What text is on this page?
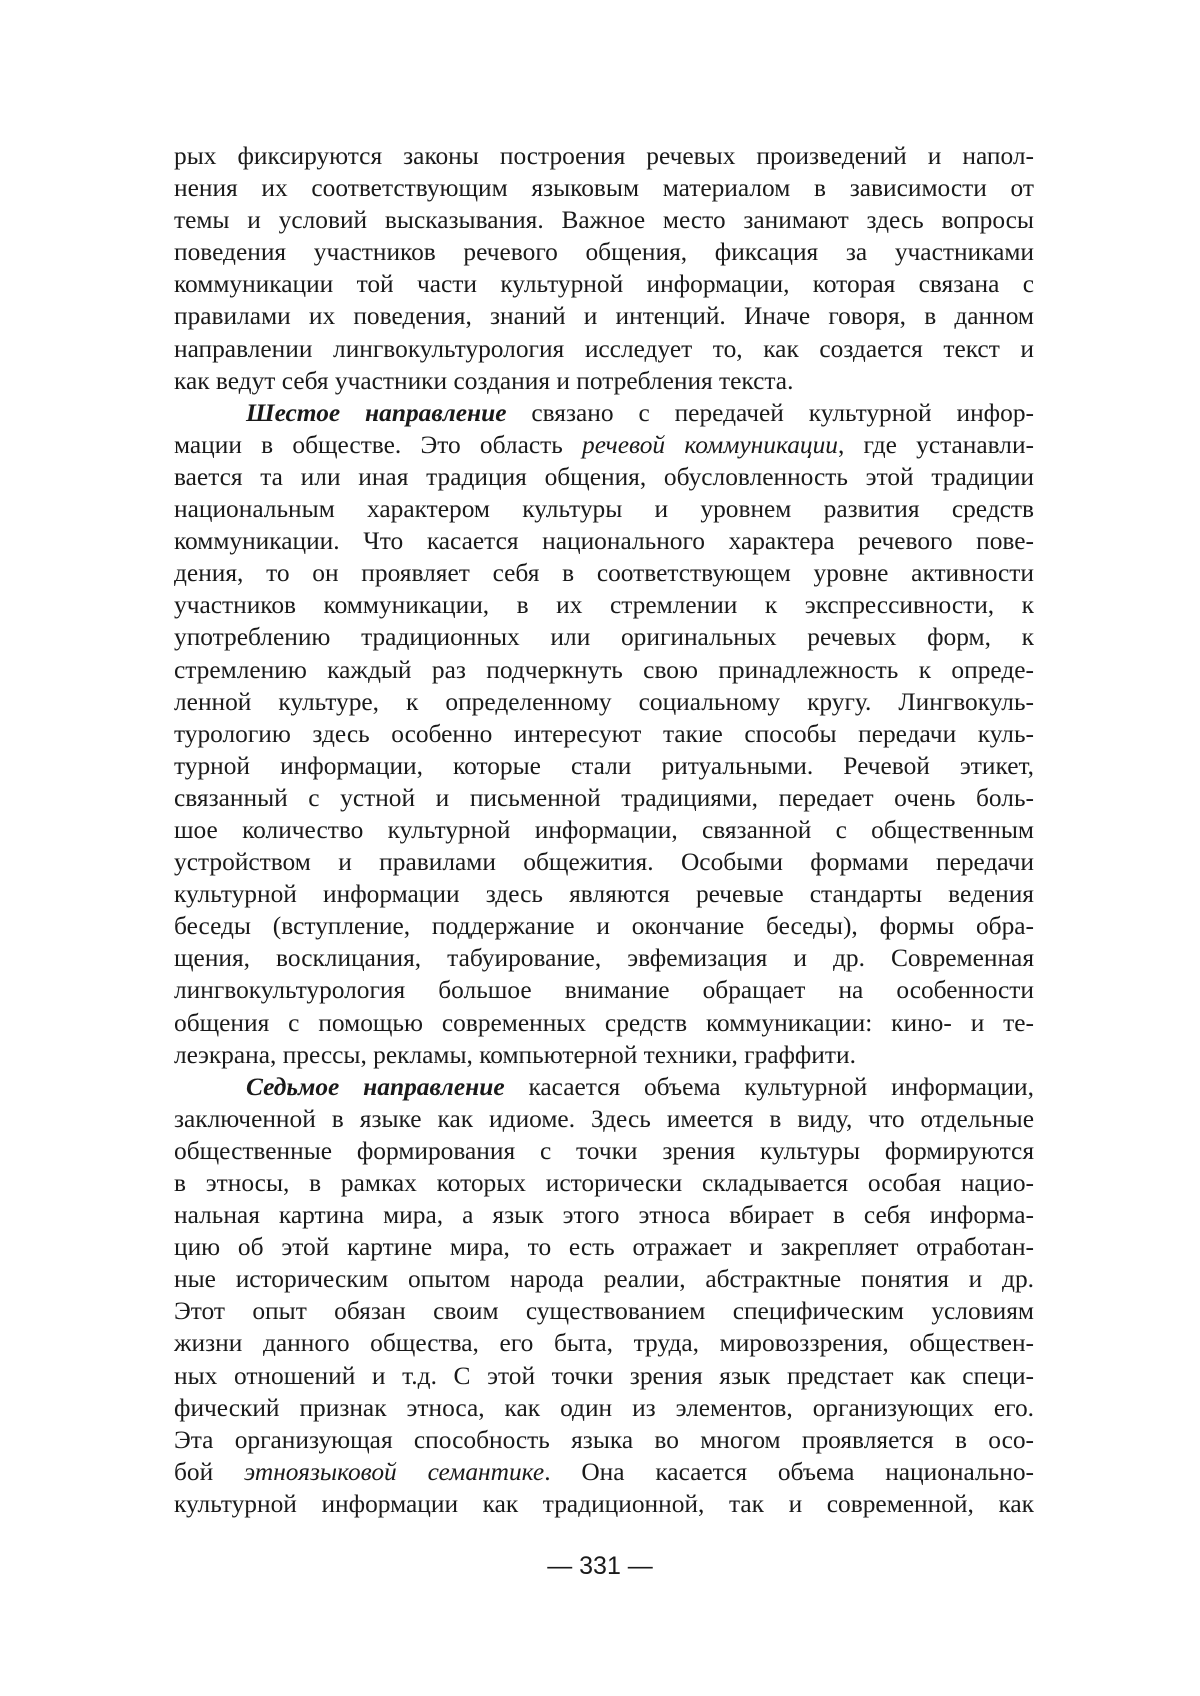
рых фиксируются законы построения речевых произведений и напол-
нения их соответствующим языковым материалом в зависимости от
темы и условий высказывания. Важное место занимают здесь вопросы
поведения участников речевого общения, фиксация за участниками
коммуникации той части культурной информации, которая связана с
правилами их поведения, знаний и интенций. Иначе говоря, в данном
направлении лингвокультурология исследует то, как создается текст и
как ведут себя участники создания и потребления текста.
Шестое направление связано с передачей культурной инфор-
мации в обществе. Это область речевой коммуникации, где устанавли-
вается та или иная традиция общения, обусловленность этой традиции
национальным характером культуры и уровнем развития средств
коммуникации. Что касается национального характера речевого пове-
дения, то он проявляет себя в соответствующем уровне активности
участников коммуникации, в их стремлении к экспрессивности, к
употреблению традиционных или оригинальных речевых форм, к
стремлению каждый раз подчеркнуть свою принадлежность к опреде-
ленной культуре, к определенному социальному кругу. Лингвокуль-
турологию здесь особенно интересуют такие способы передачи куль-
турной информации, которые стали ритуальными. Речевой этикет,
связанный с устной и письменной традициями, передает очень боль-
шое количество культурной информации, связанной с общественным
устройством и правилами общежития. Особыми формами передачи
культурной информации здесь являются речевые стандарты ведения
беседы (вступление, поддержание и окончание беседы), формы обра-
щения, восклицания, табуирование, эвфемизация и др. Современная
лингвокультурология большое внимание обращает на особенности
общения с помощью современных средств коммуникации: кино- и те-
леэкрана, прессы, рекламы, компьютерной техники, граффити.
Седьмое направление касается объема культурной информации,
заключенной в языке как идиоме. Здесь имеется в виду, что отдельные
общественные формирования с точки зрения культуры формируются
в этносы, в рамках которых исторически складывается особая нацио-
нальная картина мира, а язык этого этноса вбирает в себя информа-
цию об этой картине мира, то есть отражает и закрепляет отработан-
ные историческим опытом народа реалии, абстрактные понятия и др.
Этот опыт обязан своим существованием специфическим условиям
жизни данного общества, его быта, труда, мировоззрения, обществен-
ных отношений и т.д. С этой точки зрения язык предстает как специ-
фический признак этноса, как один из элементов, организующих его.
Эта организующая способность языка во многом проявляется в осо-
бой этноязыковой семантике. Она касается объема национально-
культурной информации как традиционной, так и современной, как
— 331 —
